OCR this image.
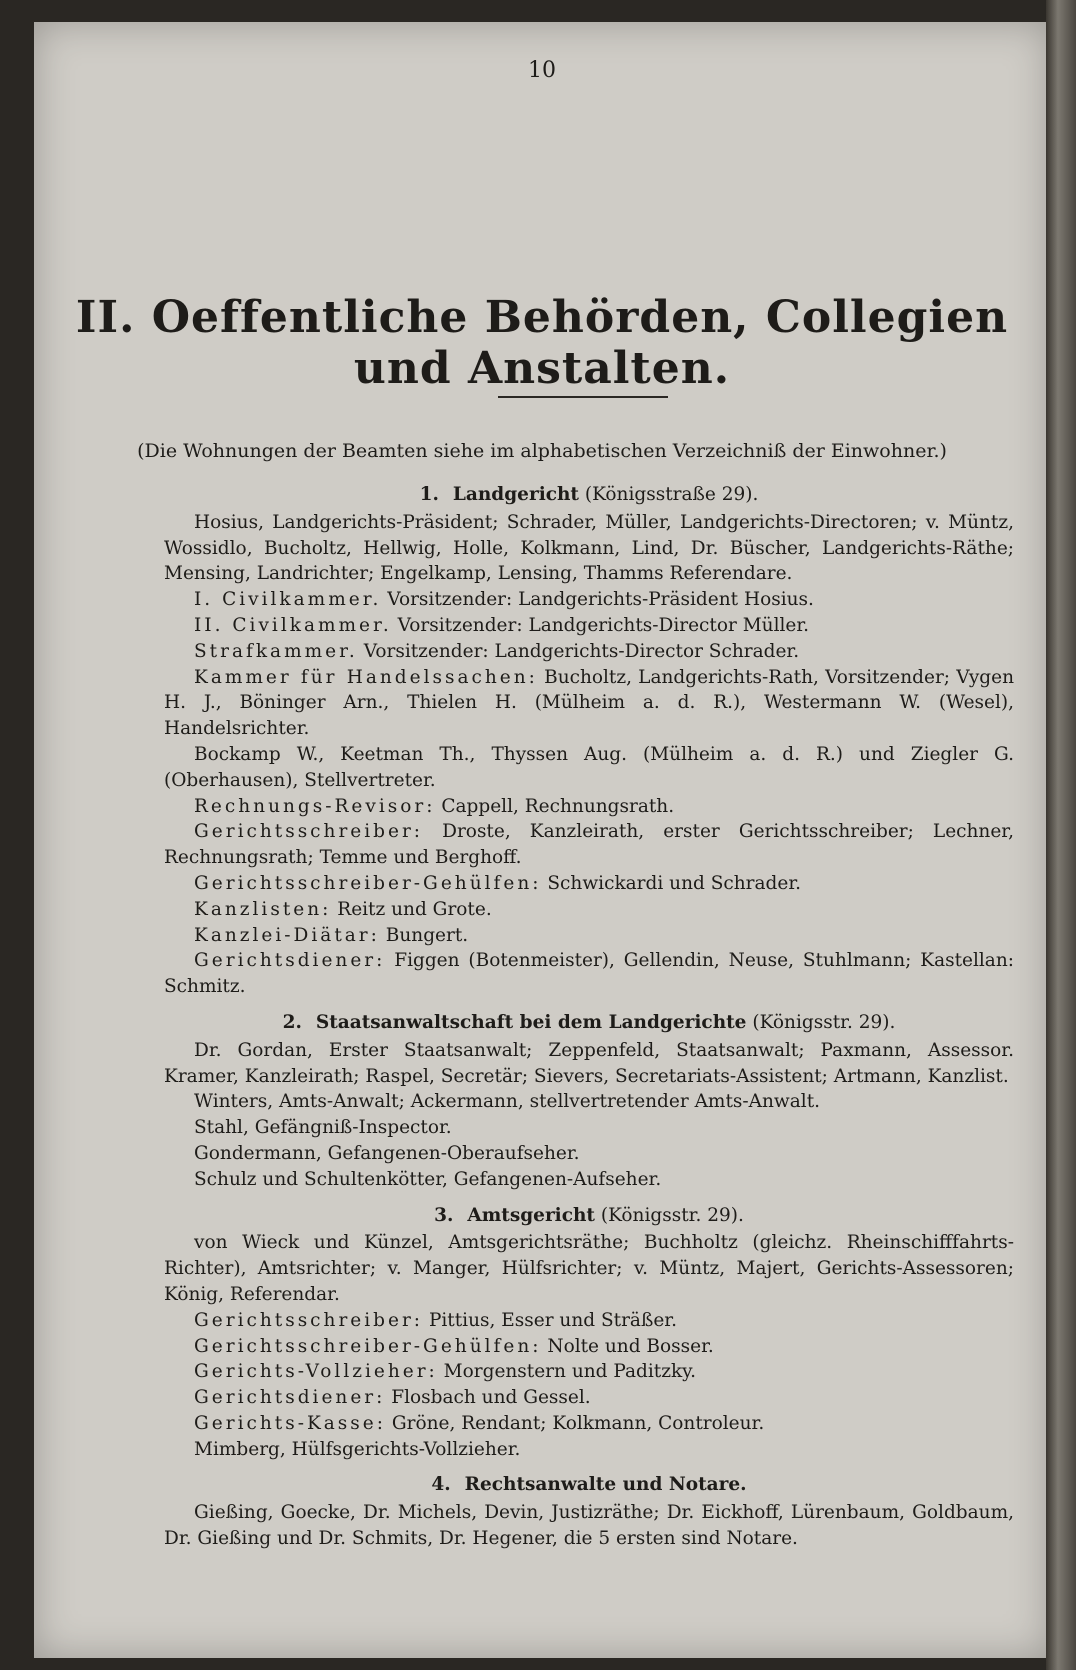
10
II. Oeffentliche Behörden, Collegien und Anstalten.
(Die Wohnungen der Beamten siehe im alphabetischen Verzeichniß der Einwohner.)
1. Landgericht (Königsstraße 29).

Hosius, Landgerichts-Präsident; Schrader, Müller, Landgerichts-Directoren; v. Müntz, Wossidlo, Bucholtz, Hellwig, Holle, Kolkmann, Lind, Dr. Büscher, Landgerichts-Räthe; Mensing, Landrichter; Engelkamp, Lensing, Thamms Referendare.

I. Civilkammer. Vorsitzender: Landgerichts-Präsident Hosius.

II. Civilkammer. Vorsitzender: Landgerichts-Director Müller.

Strafkammer. Vorsitzender: Landgerichts-Director Schrader.

Kammer für Handelssachen: Bucholtz, Landgerichts-Rath, Vorsitzender; Vygen H. J., Böninger Arn., Thielen H. (Mülheim a. d. R.), Westermann W. (Wesel), Handelsrichter.

Bockamp W., Keetman Th., Thyssen Aug. (Mülheim a. d. R.) und Ziegler G. (Oberhausen), Stellvertreter.

Rechnungs-Revisor: Cappell, Rechnungsrath.

Gerichtsschreiber: Droste, Kanzleirath, erster Gerichtsschreiber; Lechner, Rechnungsrath; Temme und Berghoff.

Gerichtsschreiber-Gehülfen: Schwickardi und Schrader.

Kanzlisten: Reitz und Grote.

Kanzlei-Diätar: Bungert.

Gerichtsdiener: Figgen (Botenmeister), Gellendin, Neuse, Stuhlmann; Kastellan: Schmitz.

2. Staatsanwaltschaft bei dem Landgerichte (Königsstr. 29).

Dr. Gordan, Erster Staatsanwalt; Zeppenfeld, Staatsanwalt; Paxmann, Assessor. Kramer, Kanzleirath; Raspel, Secretär; Sievers, Secretariats-Assistent; Artmann, Kanzlist.

Winters, Amts-Anwalt; Ackermann, stellvertretender Amts-Anwalt.

Stahl, Gefängniß-Inspector.

Gondermann, Gefangenen-Oberaufseher.

Schulz und Schultenkötter, Gefangenen-Aufseher.

3. Amtsgericht (Königsstr. 29).

von Wieck und Künzel, Amtsgerichtsräthe; Buchholtz (gleichz. Rheinschifffahrts-Richter), Amtsrichter; v. Manger, Hülfsrichter; v. Müntz, Majert, Gerichts-Assessoren; König, Referendar.

Gerichtsschreiber: Pittius, Esser und Sträßer.

Gerichtsschreiber-Gehülfen: Nolte und Bosser.

Gerichts-Vollzieher: Morgenstern und Paditzky.

Gerichtsdiener: Flosbach und Gessel.

Gerichts-Kasse: Gröne, Rendant; Kolkmann, Controleur.

Mimberg, Hülfsgerichts-Vollzieher.

4. Rechtsanwalte und Notare.

Gießing, Goecke, Dr. Michels, Devin, Justizräthe; Dr. Eickhoff, Lürenbaum, Goldbaum, Dr. Gießing und Dr. Schmits, Dr. Hegener, die 5 ersten sind Notare.
